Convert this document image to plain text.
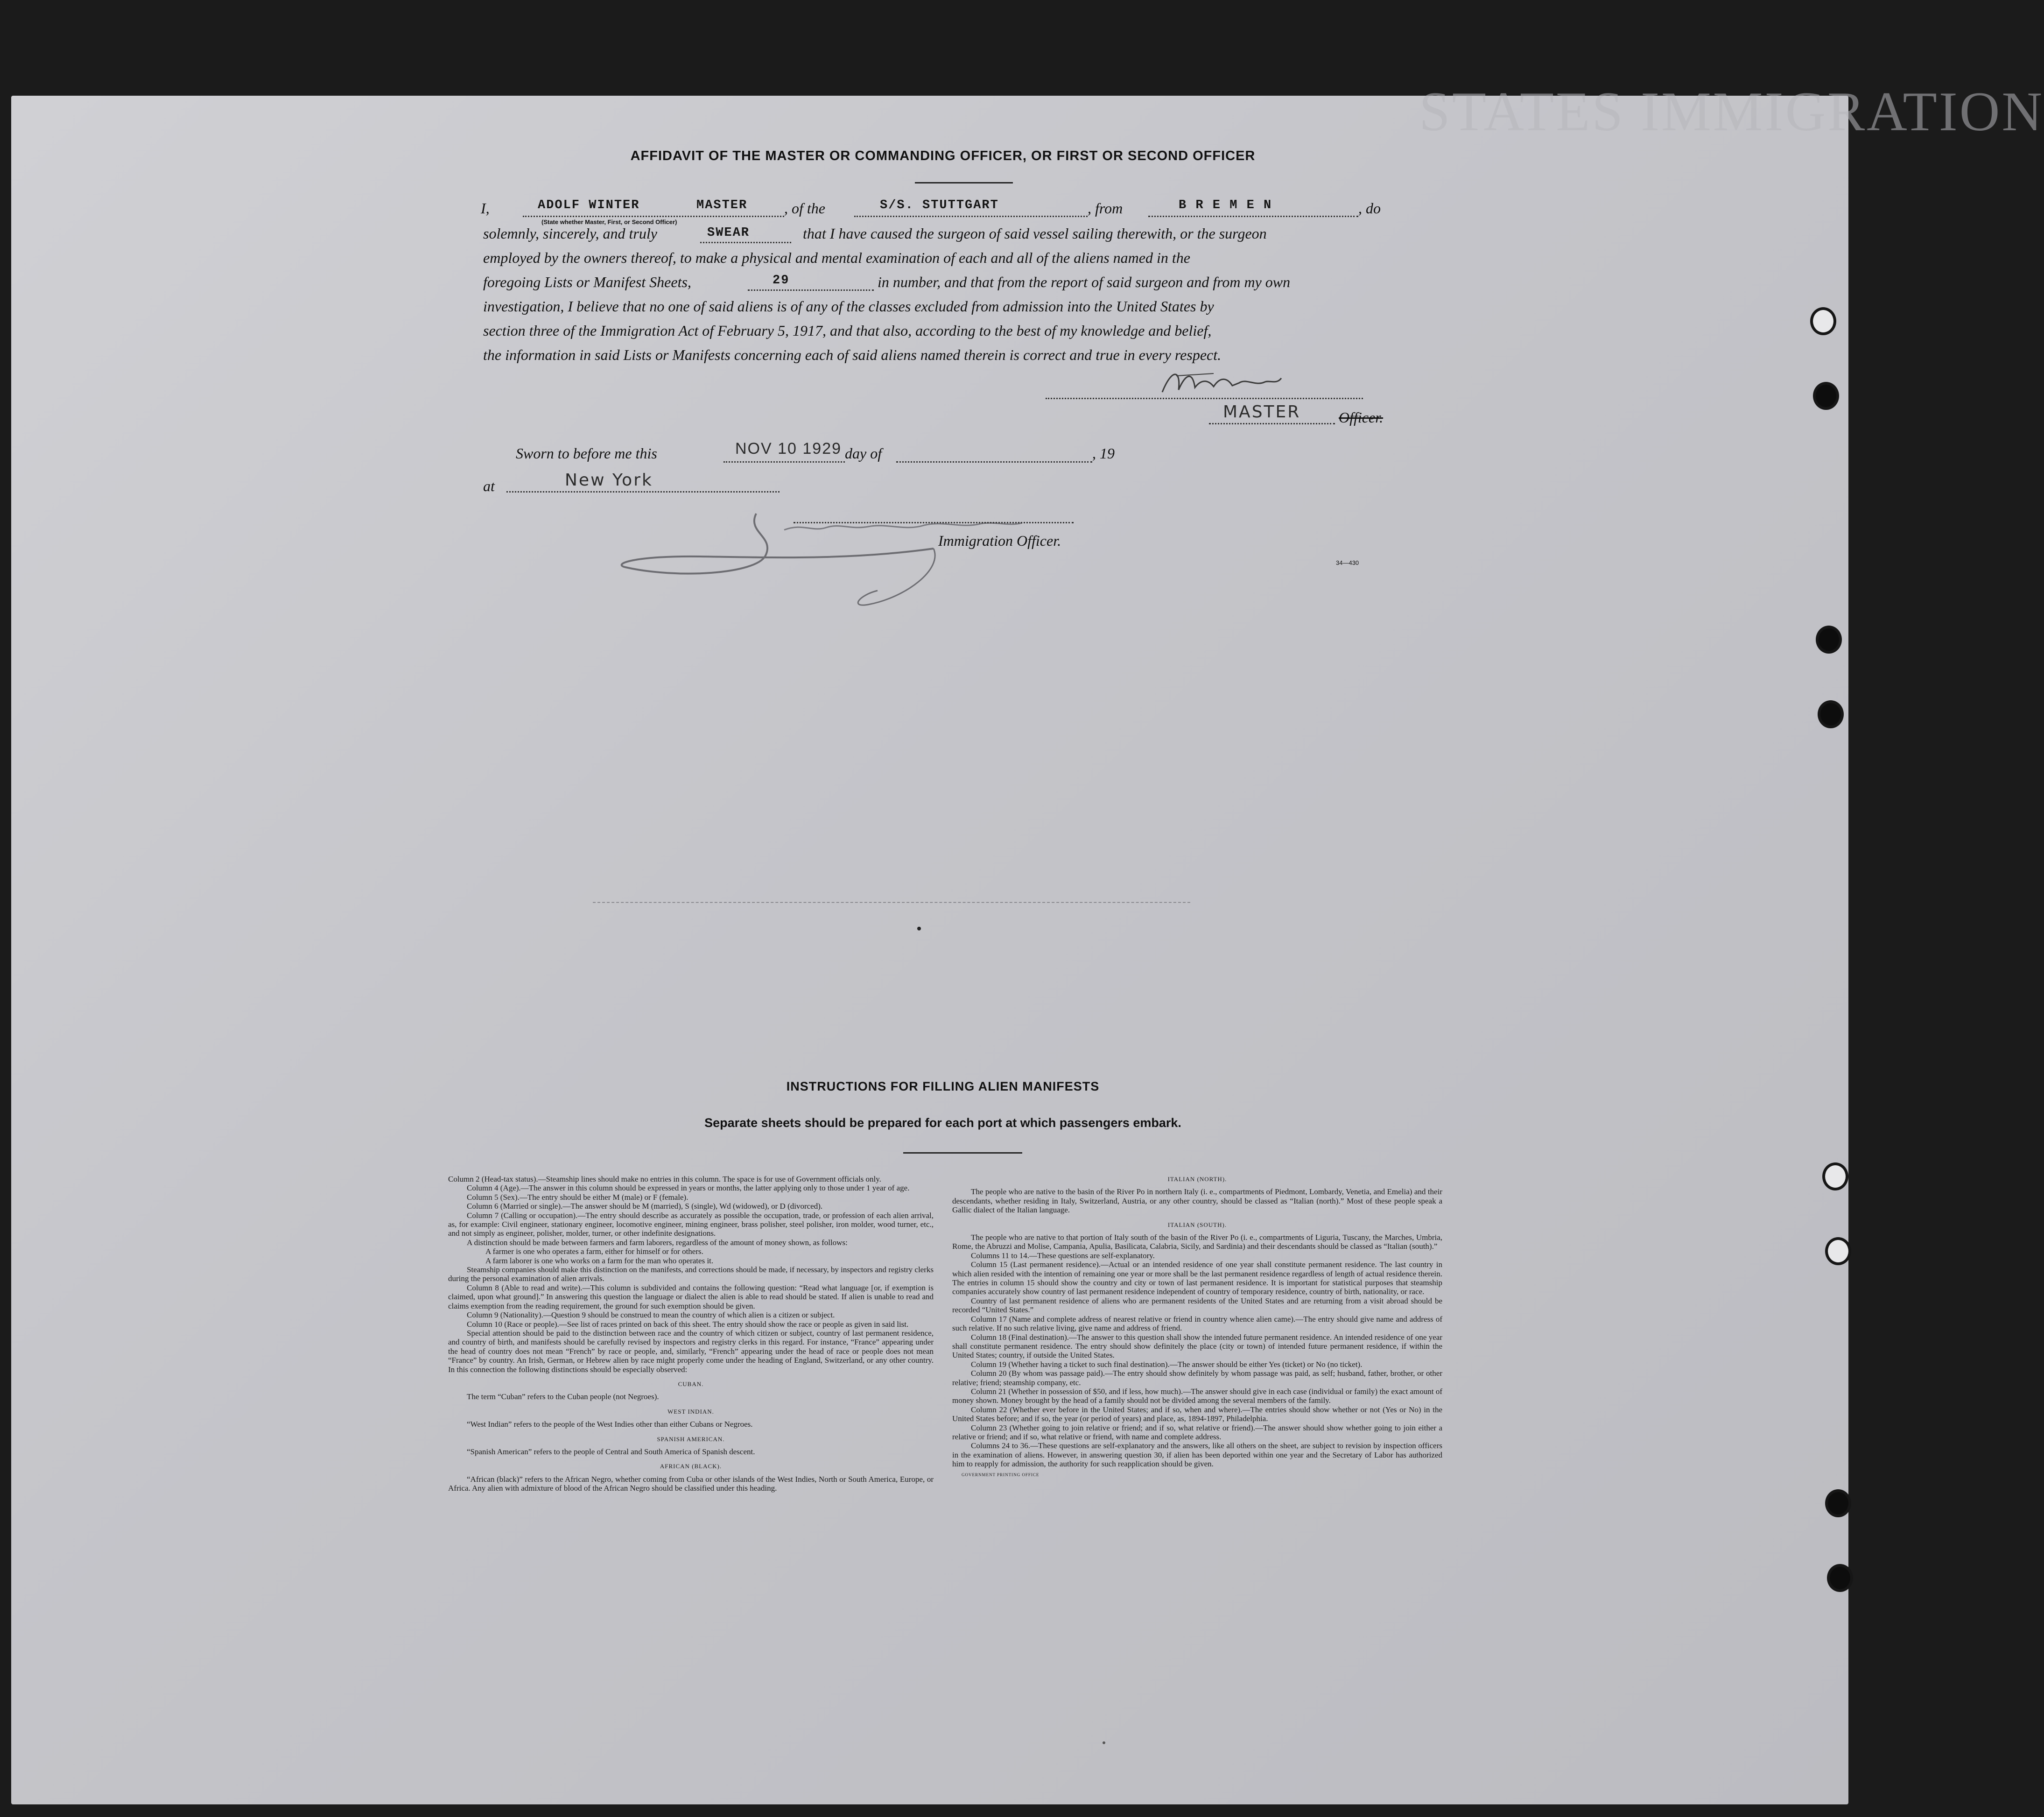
STATES IMMIGRATION
AFFIDAVIT OF THE MASTER OR COMMANDING OFFICER, OR FIRST OR SECOND OFFICER
I,	ADOLF WINTER	MASTER
(State whether Master, First, or Second Officer)
, of the	S/S. STUTTGART	, from	B R E M E N	, do
solemnly, sincerely, and truly	SWEAR	that I have caused the surgeon of said vessel sailing therewith, or the surgeon
employed by the owners thereof, to make a physical and mental examination of each and all of the aliens named in the
foregoing Lists or Manifest Sheets,	29	in number, and that from the report of said surgeon and from my own
investigation, I believe that no one of said aliens is of any of the classes excluded from admission into the United States by
section three of the Immigration Act of February 5, 1917, and that also, according to the best of my knowledge and belief,
the information in said Lists or Manifests concerning each of said aliens named therein is correct and true in every respect.
MASTER	Officer.
Sworn to before me this	NOV 10 1929 day of	, 19
at	New York
Immigration Officer.
34—430
INSTRUCTIONS FOR FILLING ALIEN MANIFESTS
Separate sheets should be prepared for each port at which passengers embark.

Column 2 (Head-tax status).—Steamship lines should make no entries in this column. The space is for use of Government officials only.

Column 4 (Age).—The answer in this column should be expressed in years or months, the latter applying only to those under 1 year of age.

Column 5 (Sex).—The entry should be either M (male) or F (female).

Column 6 (Married or single).—The answer should be M (married), S (single), Wd (widowed), or D (divorced).

Column 7 (Calling or occupation).—The entry should describe as accurately as possible the occupation, trade, or profession of each alien arrival, as, for example: Civil engineer, stationary engineer, locomotive engineer, mining engineer, brass polisher, steel polisher, iron molder, wood turner, etc., and not simply as engineer, polisher, molder, turner, or other indefinite designations.

A distinction should be made between farmers and farm laborers, regardless of the amount of money shown, as follows:

A farmer is one who operates a farm, either for himself or for others.

A farm laborer is one who works on a farm for the man who operates it.

Steamship companies should make this distinction on the manifests, and corrections should be made, if necessary, by inspectors and registry clerks during the personal examination of alien arrivals.

Column 8 (Able to read and write).—This column is subdivided and contains the following question: “Read what language [or, if exemption is claimed, upon what ground].” In answering this question the language or dialect the alien is able to read should be stated. If alien is unable to read and claims exemption from the reading requirement, the ground for such exemption should be given.

Column 9 (Nationality).—Question 9 should be construed to mean the country of which alien is a citizen or subject.

Column 10 (Race or people).—See list of races printed on back of this sheet. The entry should show the race or people as given in said list.

Special attention should be paid to the distinction between race and the country of which citizen or subject, country of last permanent residence, and country of birth, and manifests should be carefully revised by inspectors and registry clerks in this regard. For instance, “France” appearing under the head of country does not mean “French” by race or people, and, similarly, “French” appearing under the head of race or people does not mean “France” by country. An Irish, German, or Hebrew alien by race might properly come under the heading of England, Switzerland, or any other country. In this connection the following distinctions should be especially observed:

CUBAN.

The term “Cuban” refers to the Cuban people (not Negroes).

WEST INDIAN.

“West Indian” refers to the people of the West Indies other than either Cubans or Negroes.

SPANISH AMERICAN.

“Spanish American” refers to the people of Central and South America of Spanish descent.

AFRICAN (BLACK).

“African (black)” refers to the African Negro, whether coming from Cuba or other islands of the West Indies, North or South America, Europe, or Africa. Any alien with admixture of blood of the African Negro should be classified under this heading.

ITALIAN (NORTH).

The people who are native to the basin of the River Po in northern Italy (i. e., compartments of Piedmont, Lombardy, Venetia, and Emelia) and their descendants, whether residing in Italy, Switzerland, Austria, or any other country, should be classed as “Italian (north).” Most of these people speak a Gallic dialect of the Italian language.

ITALIAN (SOUTH).

The people who are native to that portion of Italy south of the basin of the River Po (i. e., compartments of Liguria, Tuscany, the Marches, Umbria, Rome, the Abruzzi and Molise, Campania, Apulia, Basilicata, Calabria, Sicily, and Sardinia) and their descendants should be classed as “Italian (south).”

Columns 11 to 14.—These questions are self-explanatory.

Column 15 (Last permanent residence).—Actual or an intended residence of one year shall constitute permanent residence. The last country in which alien resided with the intention of remaining one year or more shall be the last permanent residence regardless of length of actual residence therein. The entries in column 15 should show the country and city or town of last permanent residence. It is important for statistical purposes that steamship companies accurately show country of last permanent residence independent of country of temporary residence, country of birth, nationality, or race.

Country of last permanent residence of aliens who are permanent residents of the United States and are returning from a visit abroad should be recorded “United States.”

Column 17 (Name and complete address of nearest relative or friend in country whence alien came).—The entry should give name and address of such relative. If no such relative living, give name and address of friend.

Column 18 (Final destination).—The answer to this question shall show the intended future permanent residence. An intended residence of one year shall constitute permanent residence. The entry should show definitely the place (city or town) of intended future permanent residence, if within the United States; country, if outside the United States.

Column 19 (Whether having a ticket to such final destination).—The answer should be either Yes (ticket) or No (no ticket).

Column 20 (By whom was passage paid).—The entry should show definitely by whom passage was paid, as self; husband, father, brother, or other relative; friend; steamship company, etc.

Column 21 (Whether in possession of $50, and if less, how much).—The answer should give in each case (individual or family) the exact amount of money shown. Money brought by the head of a family should not be divided among the several members of the family.

Column 22 (Whether ever before in the United States; and if so, when and where).—The entries should show whether or not (Yes or No) in the United States before; and if so, the year (or period of years) and place, as, 1894-1897, Philadelphia.

Column 23 (Whether going to join relative or friend; and if so, what relative or friend).—The answer should show whether going to join either a relative or friend; and if so, what relative or friend, with name and complete address.

Columns 24 to 36.—These questions are self-explanatory and the answers, like all others on the sheet, are subject to revision by inspection officers in the examination of aliens. However, in answering question 30, if alien has been deported within one year and the Secretary of Labor has authorized him to reapply for admission, the authority for such reapplication should be given.

GOVERNMENT PRINTING OFFICE
